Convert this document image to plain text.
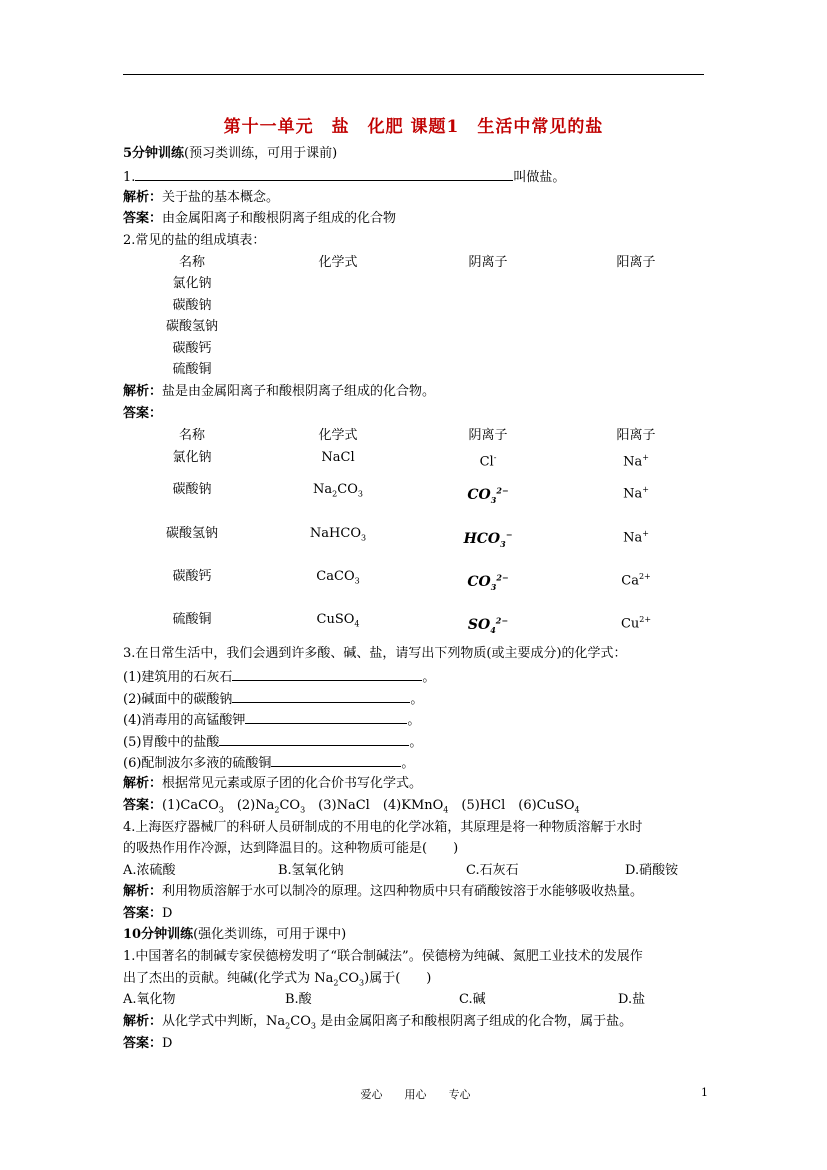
第十一单元　盐　化肥 课题1　生活中常见的盐
5分钟训练(预习类训练，可用于课前)
1.	叫做盐。
解析：关于盐的基本概念。
答案：由金属阳离子和酸根阴离子组成的化合物
2.常见的盐的组成填表：
名称	化学式	阴离子	阳离子
氯化钠
碳酸钠
碳酸氢钠
碳酸钙
硫酸铜
解析：盐是由金属阳离子和酸根阴离子组成的化合物。
答案：
名称	化学式	阴离子	阳离子
氯化钠	NaCl	Cl-	Na+
碳酸钠	$Na_2CO_3$	$CO_3^{2-}$	Na+
碳酸氢钠	NaHCO$_3$	$HCO_3^-$	Na+
碳酸钙	CaCO$_3$	$CO_3^{2-}$	$Ca^{2+}$
硫酸铜	CuSO$_4$	$SO_4^{2-}$	$Cu^{2+}$
3.在日常生活中，我们会遇到许多酸、碱、盐，请写出下列物质(或主要成分)的化学式：
(1)建筑用的石灰石	。
(2)碱面中的碳酸钠	。
(4)消毒用的高锰酸钾	。
(5)胃酸中的盐酸	。
(6)配制波尔多液的硫酸铜	。
解析：根据常见元素或原子团的化合价书写化学式。
答案：(1)CaCO$_3$　$(2)Na_2CO_3$　(3)NaCl　(4)KMnO$_4$　(5)HCl　(6)CuSO$_4$
4.上海医疗器械厂的科研人员研制成的不用电的化学冰箱，其原理是将一种物质溶解于水时
的吸热作用作冷源，达到降温目的。这种物质可能是(　　)
A.浓硫酸	B.氢氧化钠	C.石灰石	D.硝酸铵
解析：利用物质溶解于水可以制冷的原理。这四种物质中只有硝酸铵溶于水能够吸收热量。
答案：D
10分钟训练(强化类训练，可用于课中)
1.中国著名的制碱专家侯德榜发明了“联合制碱法”。侯德榜为纯碱、氮肥工业技术的发展作
出了杰出的贡献。纯碱(化学式为 $Na_2CO_3$)属于(　　)
A.氧化物	B.酸	C.碱	D.盐
解析：从化学式中判断，$Na_2CO_3$ 是由金属阳离子和酸根阴离子组成的化合物，属于盐。
答案：D
爱心　　用心　　专心	1
